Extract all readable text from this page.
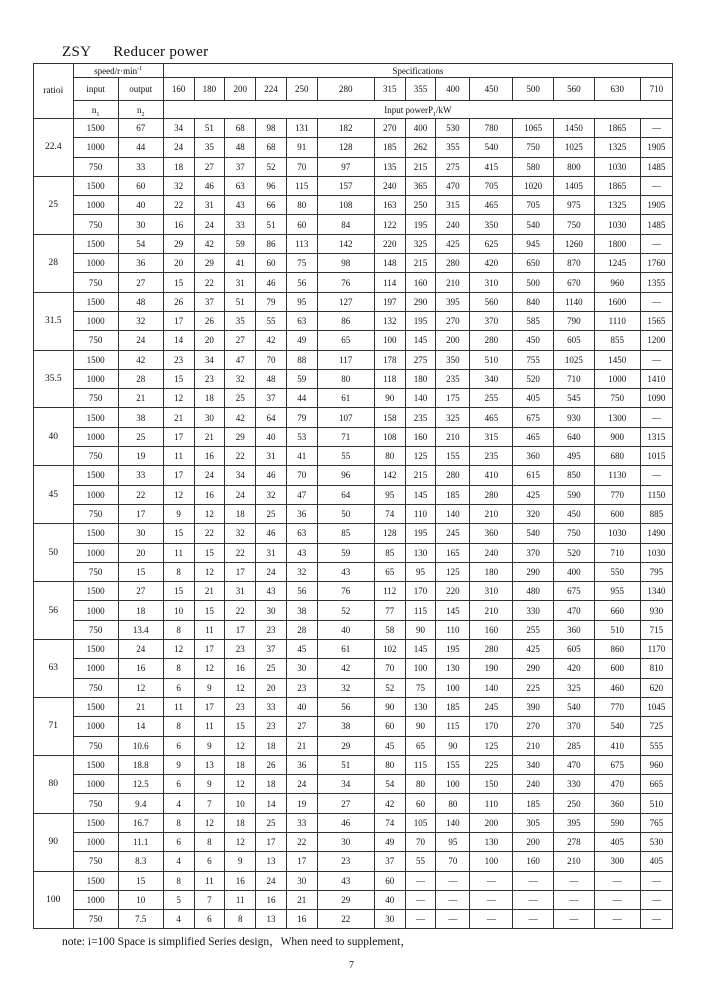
ZSY Reducer power
ratioi	speed/$r\cdot\min^{-1}$		Specifications													
	input	output	160	180	200	224	250	280	315	355	400	450	500	560	630	710
	$n_1$	$n_2$	Input powerP$_1$/kW													
22.4	1500	67	34	51	68	98	131	182	270	400	530	780	1065	1450	1865	—
	1000	44	24	35	48	68	91	128	185	262	355	540	750	1025	1325	1905
	750	33	18	27	37	52	70	97	135	215	275	415	580	800	1030	1485
25	1500	60	32	46	63	96	115	157	240	365	470	705	1020	1405	1865	—
	1000	40	22	31	43	66	80	108	163	250	315	465	705	975	1325	1905
	750	30	16	24	33	51	60	84	122	195	240	350	540	750	1030	1485
28	1500	54	29	42	59	86	113	142	220	325	425	625	945	1260	1800	—
	1000	36	20	29	41	60	75	98	148	215	280	420	650	870	1245	1760
	750	27	15	22	31	46	56	76	114	160	210	310	500	670	960	1355
31.5	1500	48	26	37	51	79	95	127	197	290	395	560	840	1140	1600	—
	1000	32	17	26	35	55	63	86	132	195	270	370	585	790	1110	1565
	750	24	14	20	27	42	49	65	100	145	200	280	450	605	855	1200
35.5	1500	42	23	34	47	70	88	117	178	275	350	510	755	1025	1450	—
	1000	28	15	23	32	48	59	80	118	180	235	340	520	710	1000	1410
	750	21	12	18	25	37	44	61	90	140	175	255	405	545	750	1090
40	1500	38	21	30	42	64	79	107	158	235	325	465	675	930	1300	—
	1000	25	17	21	29	40	53	71	108	160	210	315	465	640	900	1315
	750	19	11	16	22	31	41	55	80	125	155	235	360	495	680	1015
45	1500	33	17	24	34	46	70	96	142	215	280	410	615	850	1130	—
	1000	22	12	16	24	32	47	64	95	145	185	280	425	590	770	1150
	750	17	9	12	18	25	36	50	74	110	140	210	320	450	600	885
50	1500	30	15	22	32	46	63	85	128	195	245	360	540	750	1030	1490
	1000	20	11	15	22	31	43	59	85	130	165	240	370	520	710	1030
	750	15	8	12	17	24	32	43	65	95	125	180	290	400	550	795
56	1500	27	15	21	31	43	56	76	112	170	220	310	480	675	955	1340
	1000	18	10	15	22	30	38	52	77	115	145	210	330	470	660	930
	750	13.4	8	11	17	23	28	40	58	90	110	160	255	360	510	715
63	1500	24	12	17	23	37	45	61	102	145	195	280	425	605	860	1170
	1000	16	8	12	16	25	30	42	70	100	130	190	290	420	600	810
	750	12	6	9	12	20	23	32	52	75	100	140	225	325	460	620
71	1500	21	11	17	23	33	40	56	90	130	185	245	390	540	770	1045
	1000	14	8	11	15	23	27	38	60	90	115	170	270	370	540	725
	750	10.6	6	9	12	18	21	29	45	65	90	125	210	285	410	555
80	1500	18.8	9	13	18	26	36	51	80	115	155	225	340	470	675	960
	1000	12.5	6	9	12	18	24	34	54	80	100	150	240	330	470	665
	750	9.4	4	7	10	14	19	27	42	60	80	110	185	250	360	510
90	1500	16.7	8	12	18	25	33	46	74	105	140	200	305	395	590	765
	1000	11.1	6	8	12	17	22	30	49	70	95	130	200	278	405	530
	750	8.3	4	6	9	13	17	23	37	55	70	100	160	210	300	405
100	1500	15	8	11	16	24	30	43	60	—	—	—	—	—	—	—
	1000	10	5	7	11	16	21	29	40	—	—	—	—	—	—	—
	750	7.5	4	6	8	13	16	22	30	—	—	—	—	—	—	—
note: i=100 Space is simplified Series design，When need to supplement，
7
